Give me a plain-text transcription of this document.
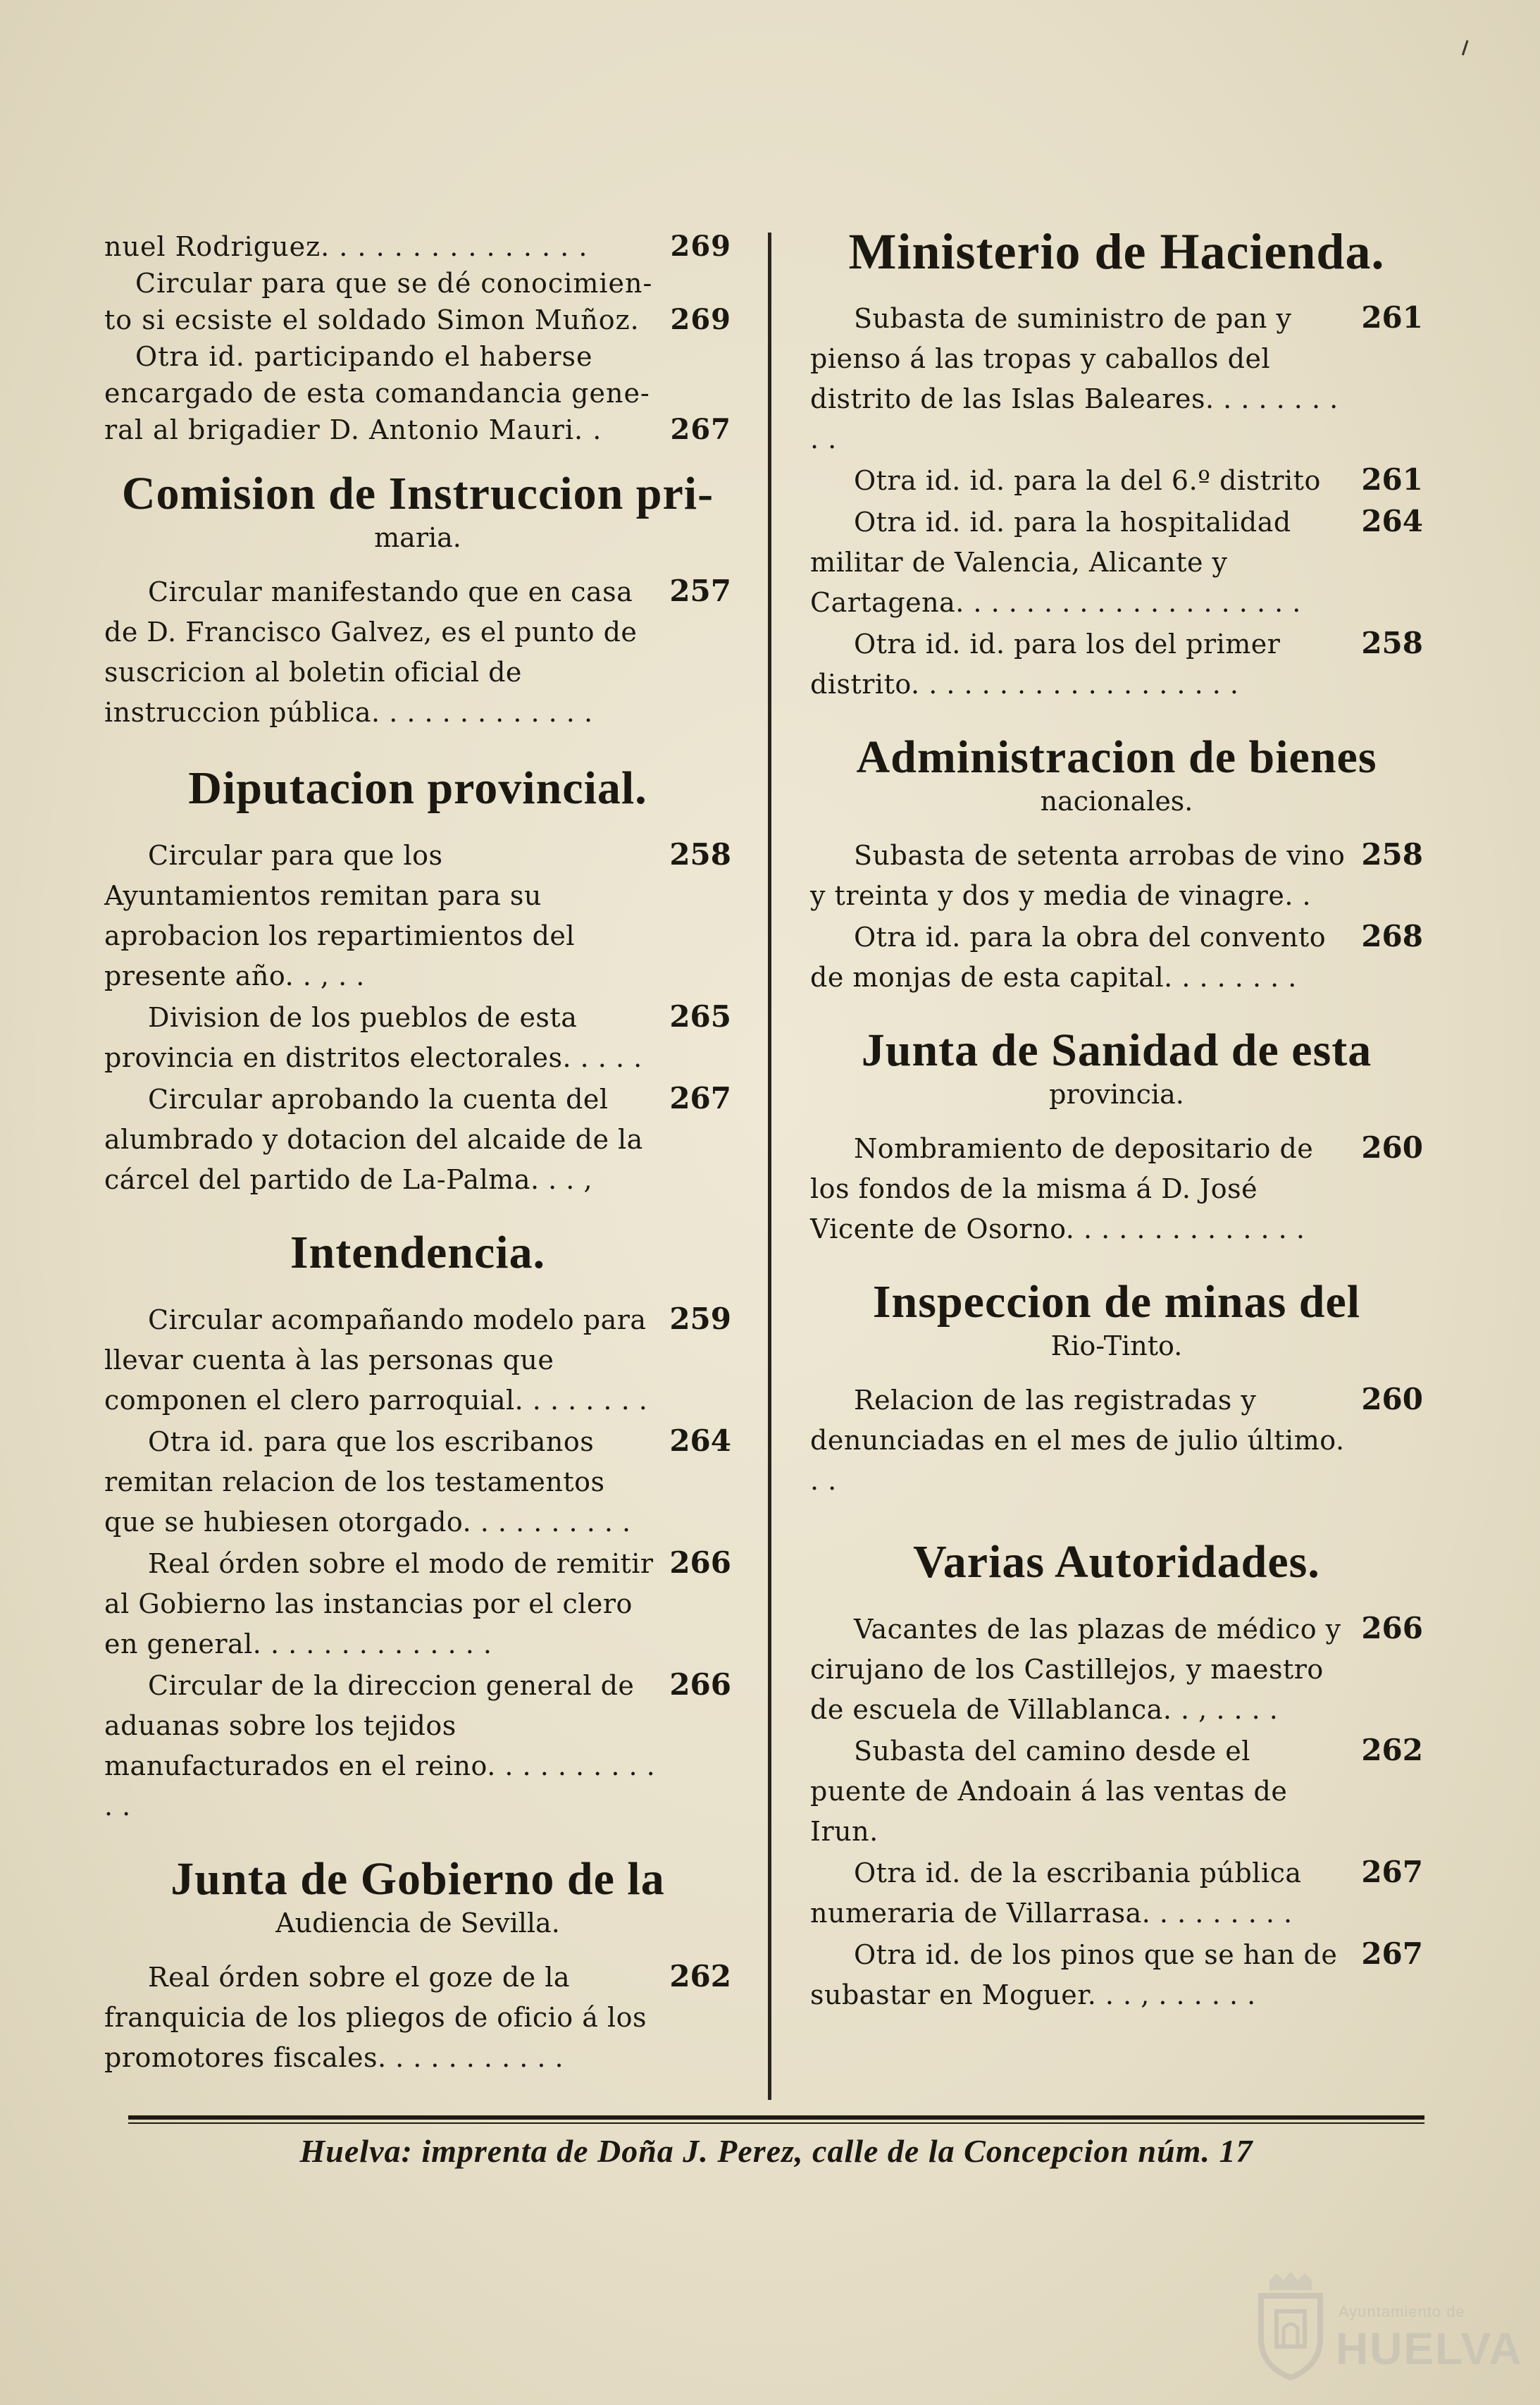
nuel Rodriguez. . . . . . . . . . . . . . .	269
Circular para que se dé conocimien-
to si ecsiste el soldado Simon Muñoz. 269
Otra id. participando el haberse
encargado de esta comandancia gene-
ral al brigadier D. Antonio Mauri. . 267
Comision de Instruccion pri-
maria.
Circular manifestando que en casa de D. Francisco Galvez, es el punto de suscricion al boletin oficial de instruccion pública. . . . . . . . . . . . .
257
Diputacion provincial.
Circular para que los Ayuntamientos remitan para su aprobacion los repartimientos del presente año. . , . .
258
Division de los pueblos de esta provincia en distritos electorales. . . . .
265
Circular aprobando la cuenta del alumbrado y dotacion del alcaide de la cárcel del partido de La-Palma. . . ,
267
Intendencia.
Circular acompañando modelo para llevar cuenta à las personas que componen el clero parroquial. . . . . . . .
259
Otra id. para que los escribanos remitan relacion de los testamentos que se hubiesen otorgado. . . . . . . . . .
264
Real órden sobre el modo de remitir al Gobierno las instancias por el clero en general. . . . . . . . . . . . . .
266
Circular de la direccion general de aduanas sobre los tejidos manufacturados en el reino. . . . . . . . . . . .
266
Junta de Gobierno de la
Audiencia de Sevilla.
Real órden sobre el goze de la franquicia de los pliegos de oficio á los promotores fiscales. . . . . . . . . . .
262
Ministerio de Hacienda.
Subasta de suministro de pan y pienso á las tropas y caballos del distrito de las Islas Baleares. . . . . . . . . .
261
Otra id. id. para la del 6.º distrito	261
Otra id. id. para la hospitalidad militar de Valencia, Alicante y Cartagena. . . . . . . . . . . . . . . . . . . .
264
Otra id. id. para los del primer distrito. . . . . . . . . . . . . . . . . . .
258
Administracion de bienes
nacionales.
Subasta de setenta arrobas de vino y treinta y dos y media de vinagre. .
258
Otra id. para la obra del convento de monjas de esta capital. . . . . . . .
268
Junta de Sanidad de esta
provincia.
Nombramiento de depositario de los fondos de la misma á D. José Vicente de Osorno. . . . . . . . . . . . . .
260
Inspeccion de minas del
Rio-Tinto.
Relacion de las registradas y denunciadas en el mes de julio último. . .
260
Varias Autoridades.
Vacantes de las plazas de médico y cirujano de los Castillejos, y maestro de escuela de Villablanca. . , . . . .
266
Subasta del camino desde el puente de Andoain á las ventas de Irun.
262
Otra id. de la escribania pública numeraria de Villarrasa. . . . . . . . .
267
Otra id. de los pinos que se han de subastar en Moguer. . . , . . . . . .
267
Huelva: imprenta de Doña J. Perez, calle de la Concepcion núm. 17
Ayuntamiento de
HUELVA
